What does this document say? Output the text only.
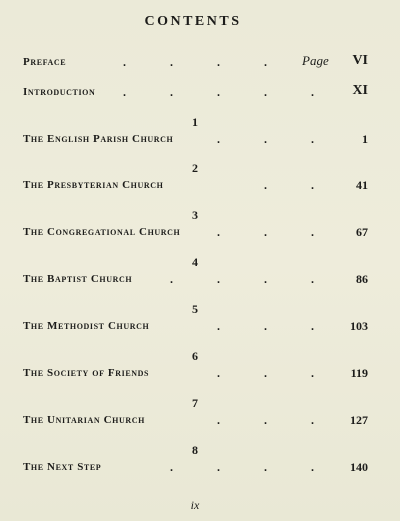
CONTENTS
Preface	.	.	.	.	Page VI
Introduction .	.	.	.	.	XI
1
The English Parish Church	.	.	.	1
2
The Presbyterian Church	.	.	41
3
The Congregational Church	.	.	.	67
4
The Baptist Church	.	.	.	.	86
5
The Methodist Church	.	.	.	103
6
The Society of Friends	.	.	.	119
7
The Unitarian Church	.	.	.	127
8
The Next Step	.	.	.	.	140
ix
